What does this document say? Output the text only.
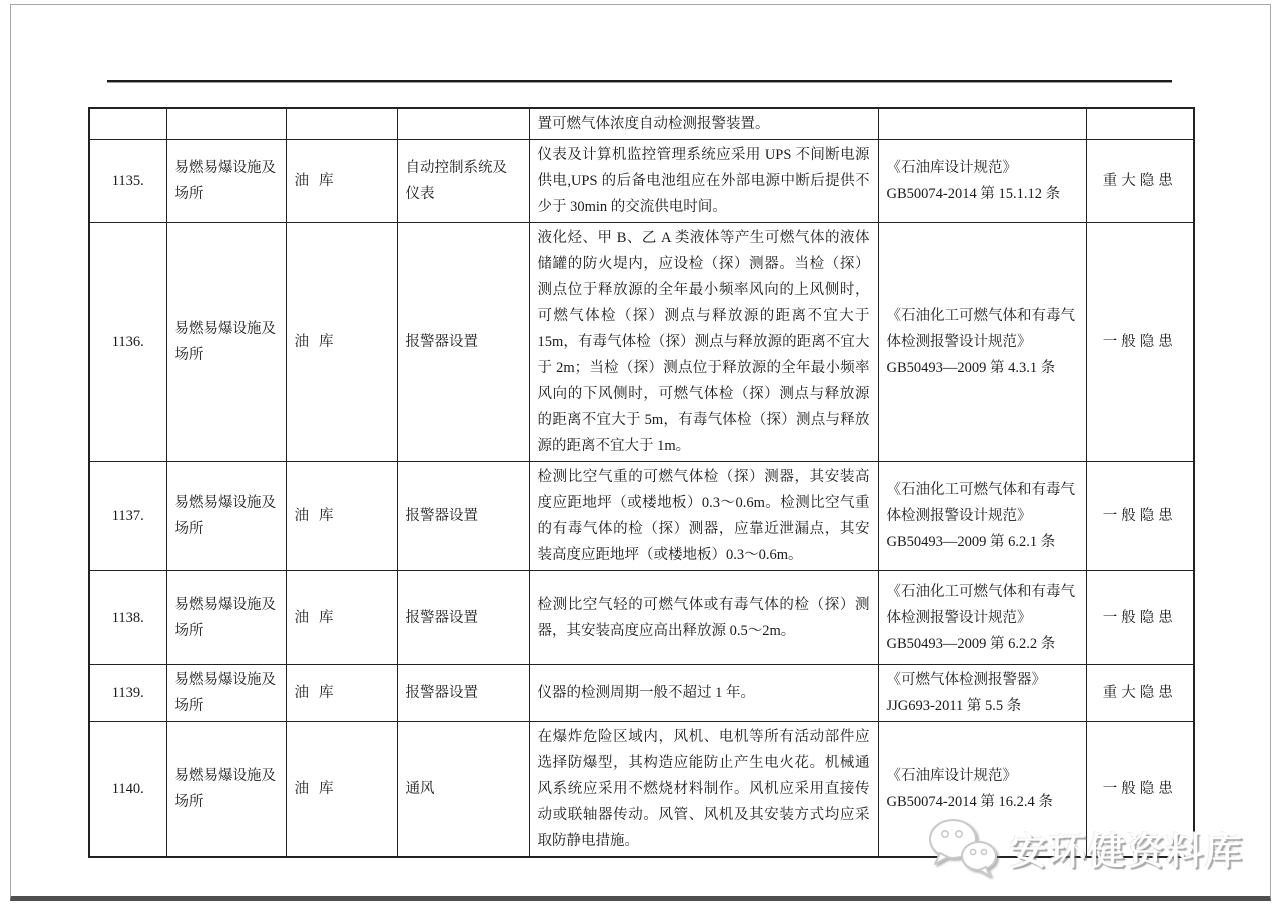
				置可燃气体浓度自动检测报警装置。		
1135.	易燃易爆设施及场所	油库	自动控制系统及仪表	仪表及计算机监控管理系统应采用 UPS 不间断电源供电,UPS 的后备电池组应在外部电源中断后提供不少于 30min 的交流供电时间。	《石油库设计规范》GB50074-2014 第 15.1.12 条	重大隐患
1136.	易燃易爆设施及场所	油库	报警器设置	液化烃、甲 B、乙 A 类液体等产生可燃气体的液体储罐的防火堤内，应设检（探）测器。当检（探）测点位于释放源的全年最小频率风向的上风侧时，可燃气体检（探）测点与释放源的距离不宜大于 15m，有毒气体检（探）测点与释放源的距离不宜大于 2m；当检（探）测点位于释放源的全年最小频率风向的下风侧时，可燃气体检（探）测点与释放源的距离不宜大于 5m，有毒气体检（探）测点与释放源的距离不宜大于 1m。	《石油化工可燃气体和有毒气体检测报警设计规范》GB50493—2009 第 4.3.1 条	一般隐患
1137.	易燃易爆设施及场所	油库	报警器设置	检测比空气重的可燃气体检（探）测器，其安装高度应距地坪（或楼地板）0.3～0.6m。检测比空气重的有毒气体的检（探）测器，应靠近泄漏点，其安装高度应距地坪（或楼地板）0.3～0.6m。	《石油化工可燃气体和有毒气体检测报警设计规范》GB50493—2009 第 6.2.1 条	一般隐患
1138.	易燃易爆设施及场所	油库	报警器设置	检测比空气轻的可燃气体或有毒气体的检（探）测器，其安装高度应高出释放源 0.5～2m。	《石油化工可燃气体和有毒气体检测报警设计规范》GB50493—2009 第 6.2.2 条	一般隐患
1139.	易燃易爆设施及场所	油库	报警器设置	仪器的检测周期一般不超过 1 年。	《可燃气体检测报警器》JJG693-2011 第 5.5 条	重大隐患
1140.	易燃易爆设施及场所	油库	通风	在爆炸危险区域内，风机、电机等所有活动部件应选择防爆型，其构造应能防止产生电火花。机械通风系统应采用不燃烧材料制作。风机应采用直接传动或联轴器传动。风管、风机及其安装方式均应采取防静电措施。	《石油库设计规范》GB50074-2014 第 16.2.4 条	一般隐患
安环健资料库
